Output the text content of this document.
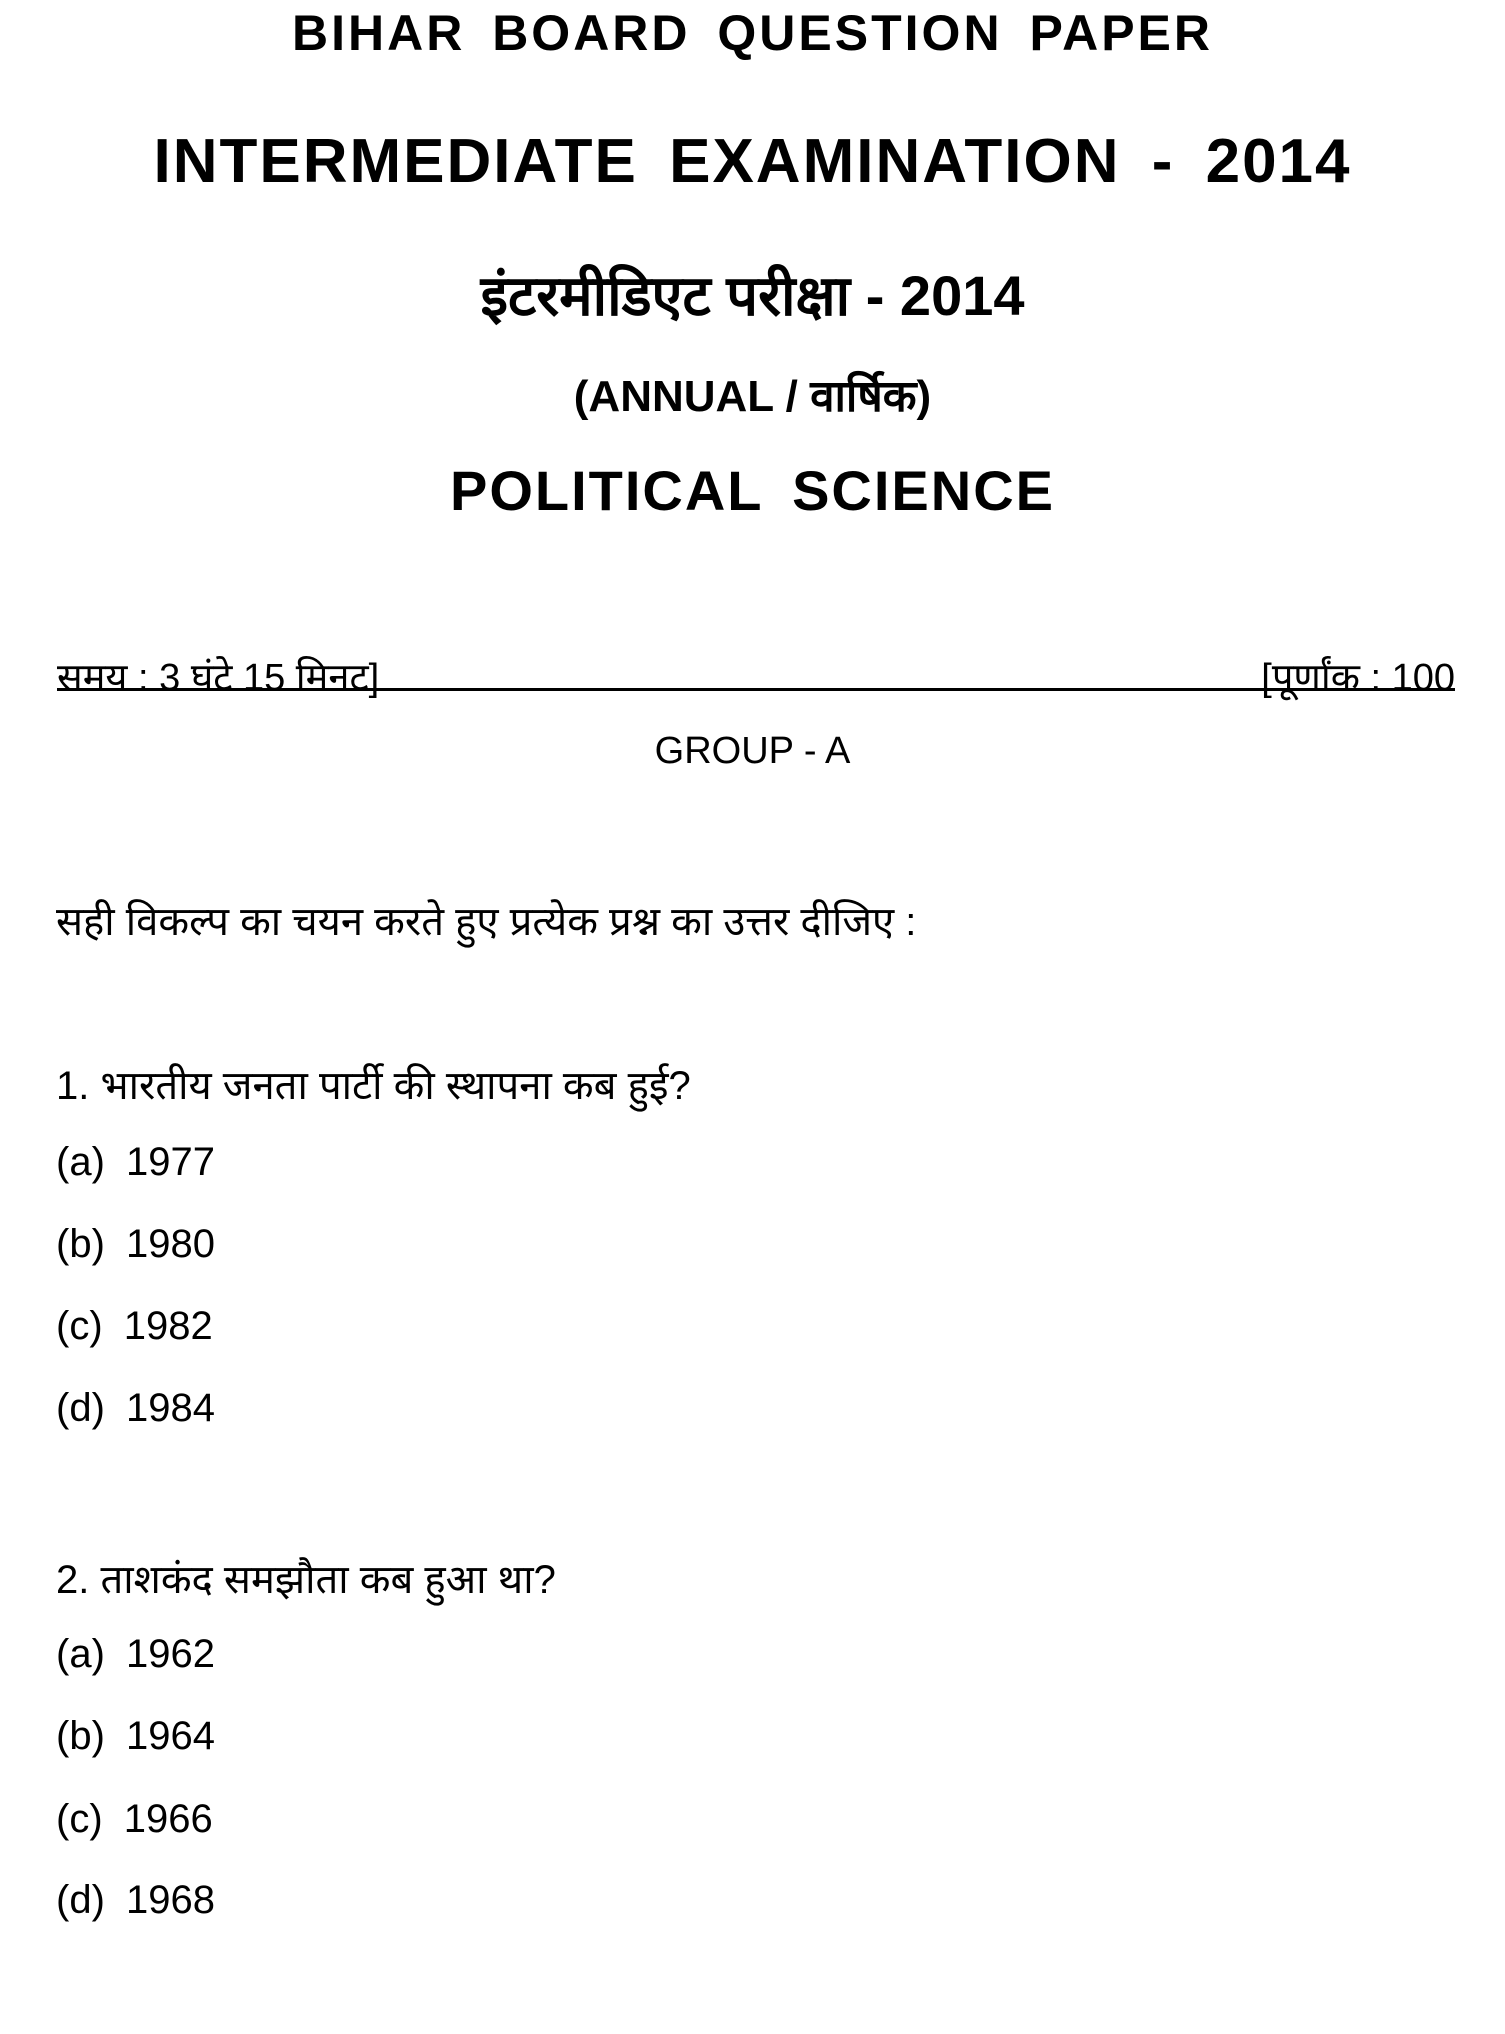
BIHAR BOARD QUESTION PAPER
INTERMEDIATE EXAMINATION - 2014
इंटरमीडिएट परीक्षा - 2014
(ANNUAL / वार्षिक)
POLITICAL SCIENCE
समय : 3 घंटे 15 मिनट]	[पूर्णांक : 100
GROUP - A
सही विकल्प का चयन करते हुए प्रत्येक प्रश्न का उत्तर दीजिए :
1. भारतीय जनता पार्टी की स्थापना कब हुई?
(a) 1977
(b) 1980
(c) 1982
(d) 1984
2. ताशकंद समझौता कब हुआ था?
(a) 1962
(b) 1964
(c) 1966
(d) 1968
